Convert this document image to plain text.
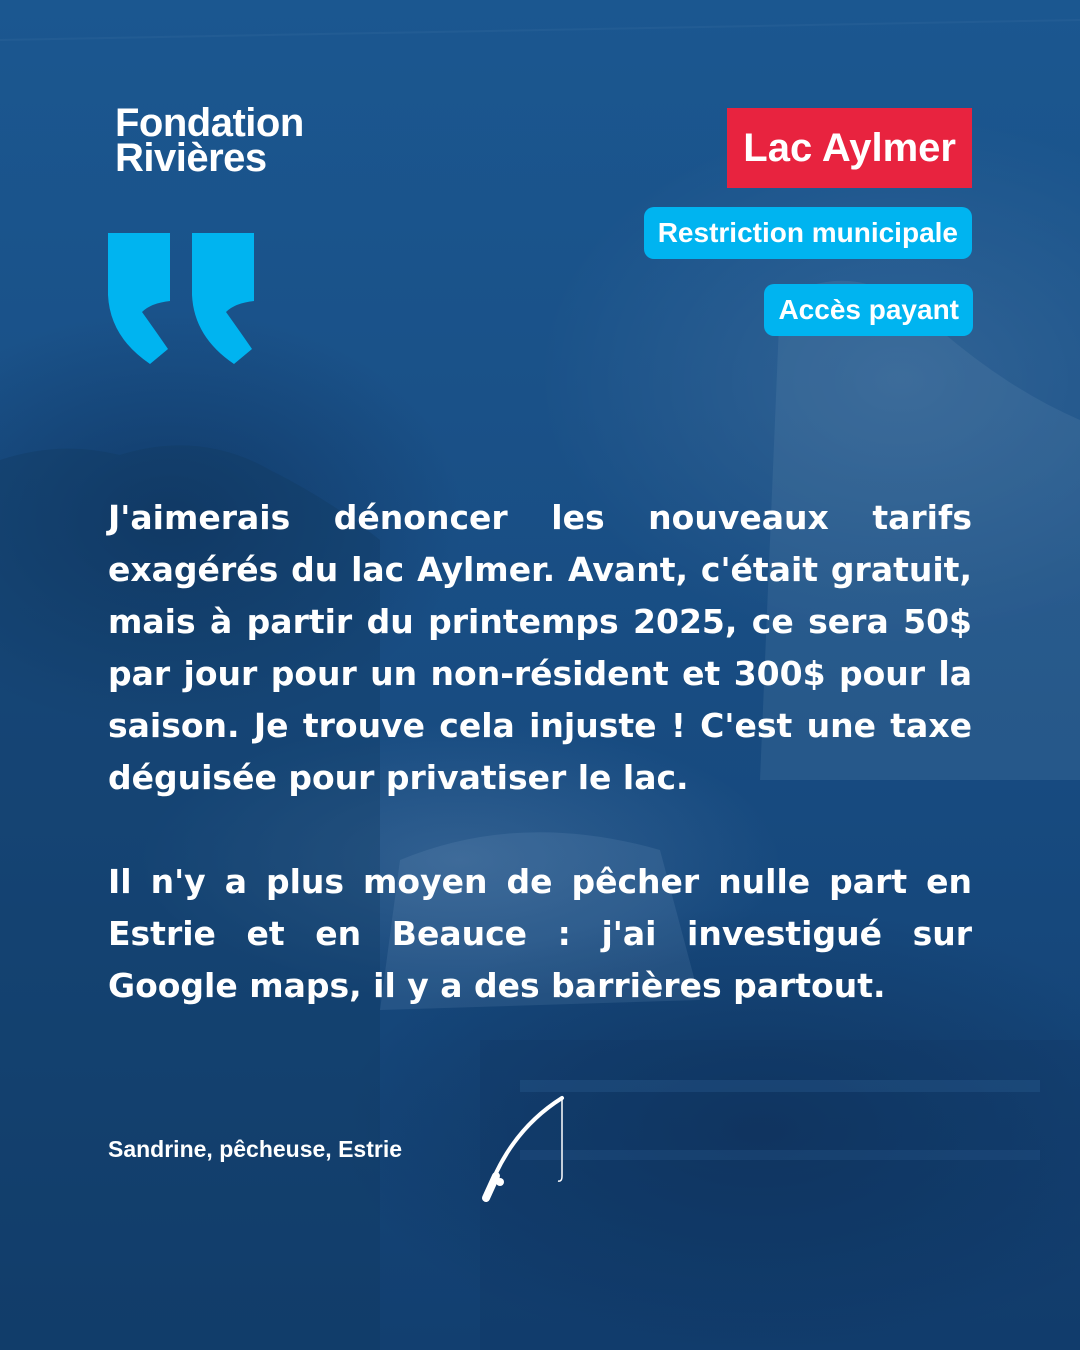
Fondation
Rivières	Lac Aylmer
Restriction municipale
Accès payant

J'aimerais dénoncer les nouveaux tarifs exagérés du lac Aylmer. Avant, c'était gratuit, mais à partir du printemps 2025, ce sera 50$ par jour pour un non-résident et 300$ pour la saison. Je trouve cela injuste ! C'est une taxe déguisée pour privatiser le lac.

Il n'y a plus moyen de pêcher nulle part en Estrie et en Beauce : j'ai investigué sur Google maps, il y a des barrières partout.

Sandrine, pêcheuse, Estrie
